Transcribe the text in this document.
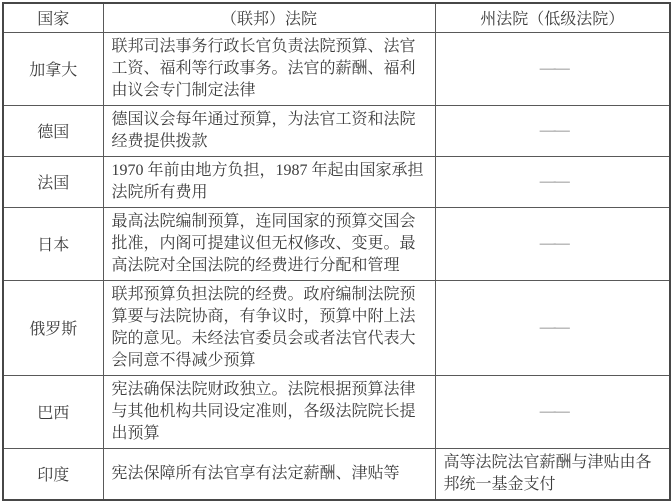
国家	（联邦）法院	州法院（低级法院）
加拿大	联邦司法事务行政长官负责法院预算、法官工资、福利等行政事务。法官的薪酬、福利由议会专门制定法律	——
德国	德国议会每年通过预算，为法官工资和法院经费提供拨款	——
法国	1970 年前由地方负担，1987 年起由国家承担法院所有费用	——
日本	最高法院编制预算，连同国家的预算交国会批准，内阁可提建议但无权修改、变更。最高法院对全国法院的经费进行分配和管理	——
俄罗斯	联邦预算负担法院的经费。政府编制法院预算要与法院协商，有争议时，预算中附上法院的意见。未经法官委员会或者法官代表大会同意不得减少预算	——
巴西	宪法确保法院财政独立。法院根据预算法律与其他机构共同设定准则，各级法院院长提出预算	——
印度	宪法保障所有法官享有法定薪酬、津贴等	高等法院法官薪酬与津贴由各邦统一基金支付
